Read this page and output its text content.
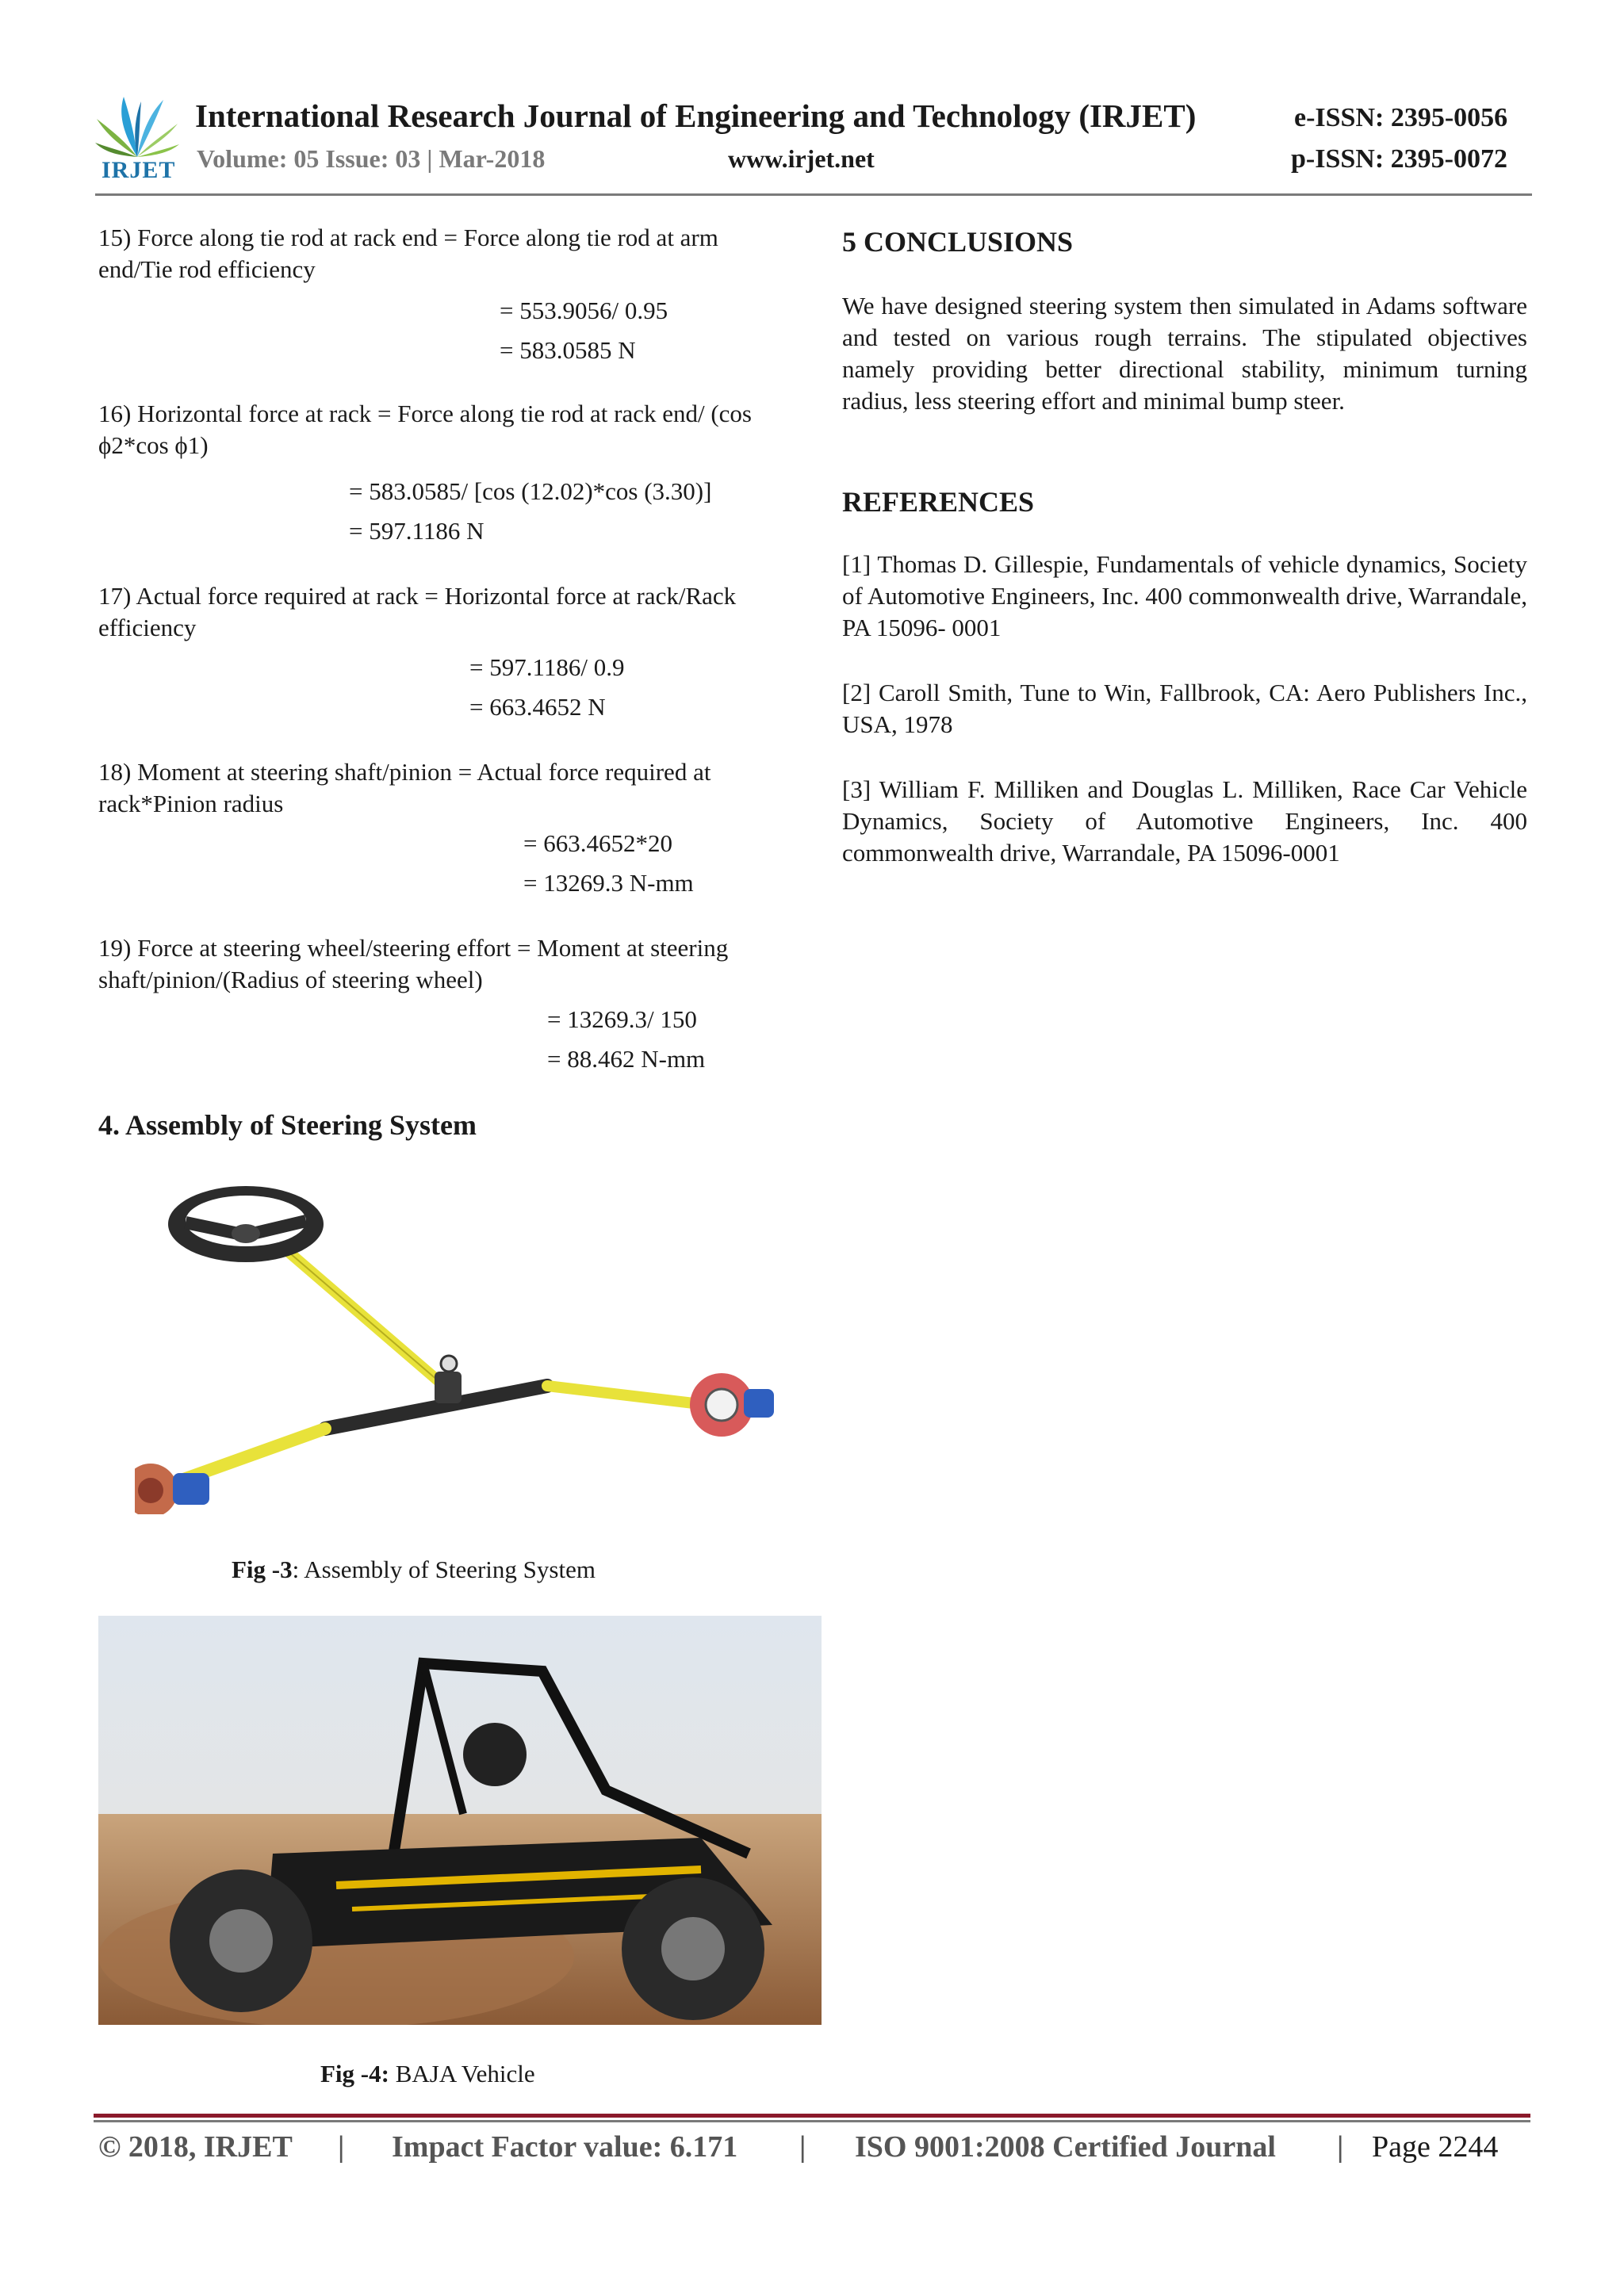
IRJET
International Research Journal of Engineering and Technology (IRJET)	e-ISSN: 2395-0056
Volume: 05 Issue: 03 | Mar-2018	www.irjet.net	p-ISSN: 2395-0072
15) Force along tie rod at rack end = Force along tie rod at arm end/Tie rod efficiency
= 553.9056/ 0.95
= 583.0585 N
16) Horizontal force at rack = Force along tie rod at rack end/ (cos ϕ2*cos ϕ1)
= 583.0585/ [cos (12.02)*cos (3.30)]
= 597.1186 N
17) Actual force required at rack = Horizontal force at rack/Rack efficiency
= 597.1186/ 0.9
= 663.4652 N
18) Moment at steering shaft/pinion = Actual force required at rack*Pinion radius
= 663.4652*20
= 13269.3 N-mm
19) Force at steering wheel/steering effort = Moment at steering shaft/pinion/(Radius of steering wheel)
= 13269.3/ 150
= 88.462 N-mm
4. Assembly of Steering System
Fig -3: Assembly of Steering System
Fig -4: BAJA Vehicle
5 CONCLUSIONS
We have designed steering system then simulated in Adams software and tested on various rough terrains. The stipulated objectives namely providing better directional stability, minimum turning radius, less steering effort and minimal bump steer.
REFERENCES
[1] Thomas D. Gillespie, Fundamentals of vehicle dynamics, Society of Automotive Engineers, Inc. 400 commonwealth drive, Warrandale, PA 15096- 0001
[2] Caroll Smith, Tune to Win, Fallbrook, CA: Aero Publishers Inc., USA, 1978
[3] William F. Milliken and Douglas L. Milliken, Race Car Vehicle Dynamics, Society of Automotive Engineers, Inc. 400 commonwealth drive, Warrandale, PA 15096-0001
© 2018, IRJET | Impact Factor value: 6.171 | ISO 9001:2008 Certified Journal | Page 2244
